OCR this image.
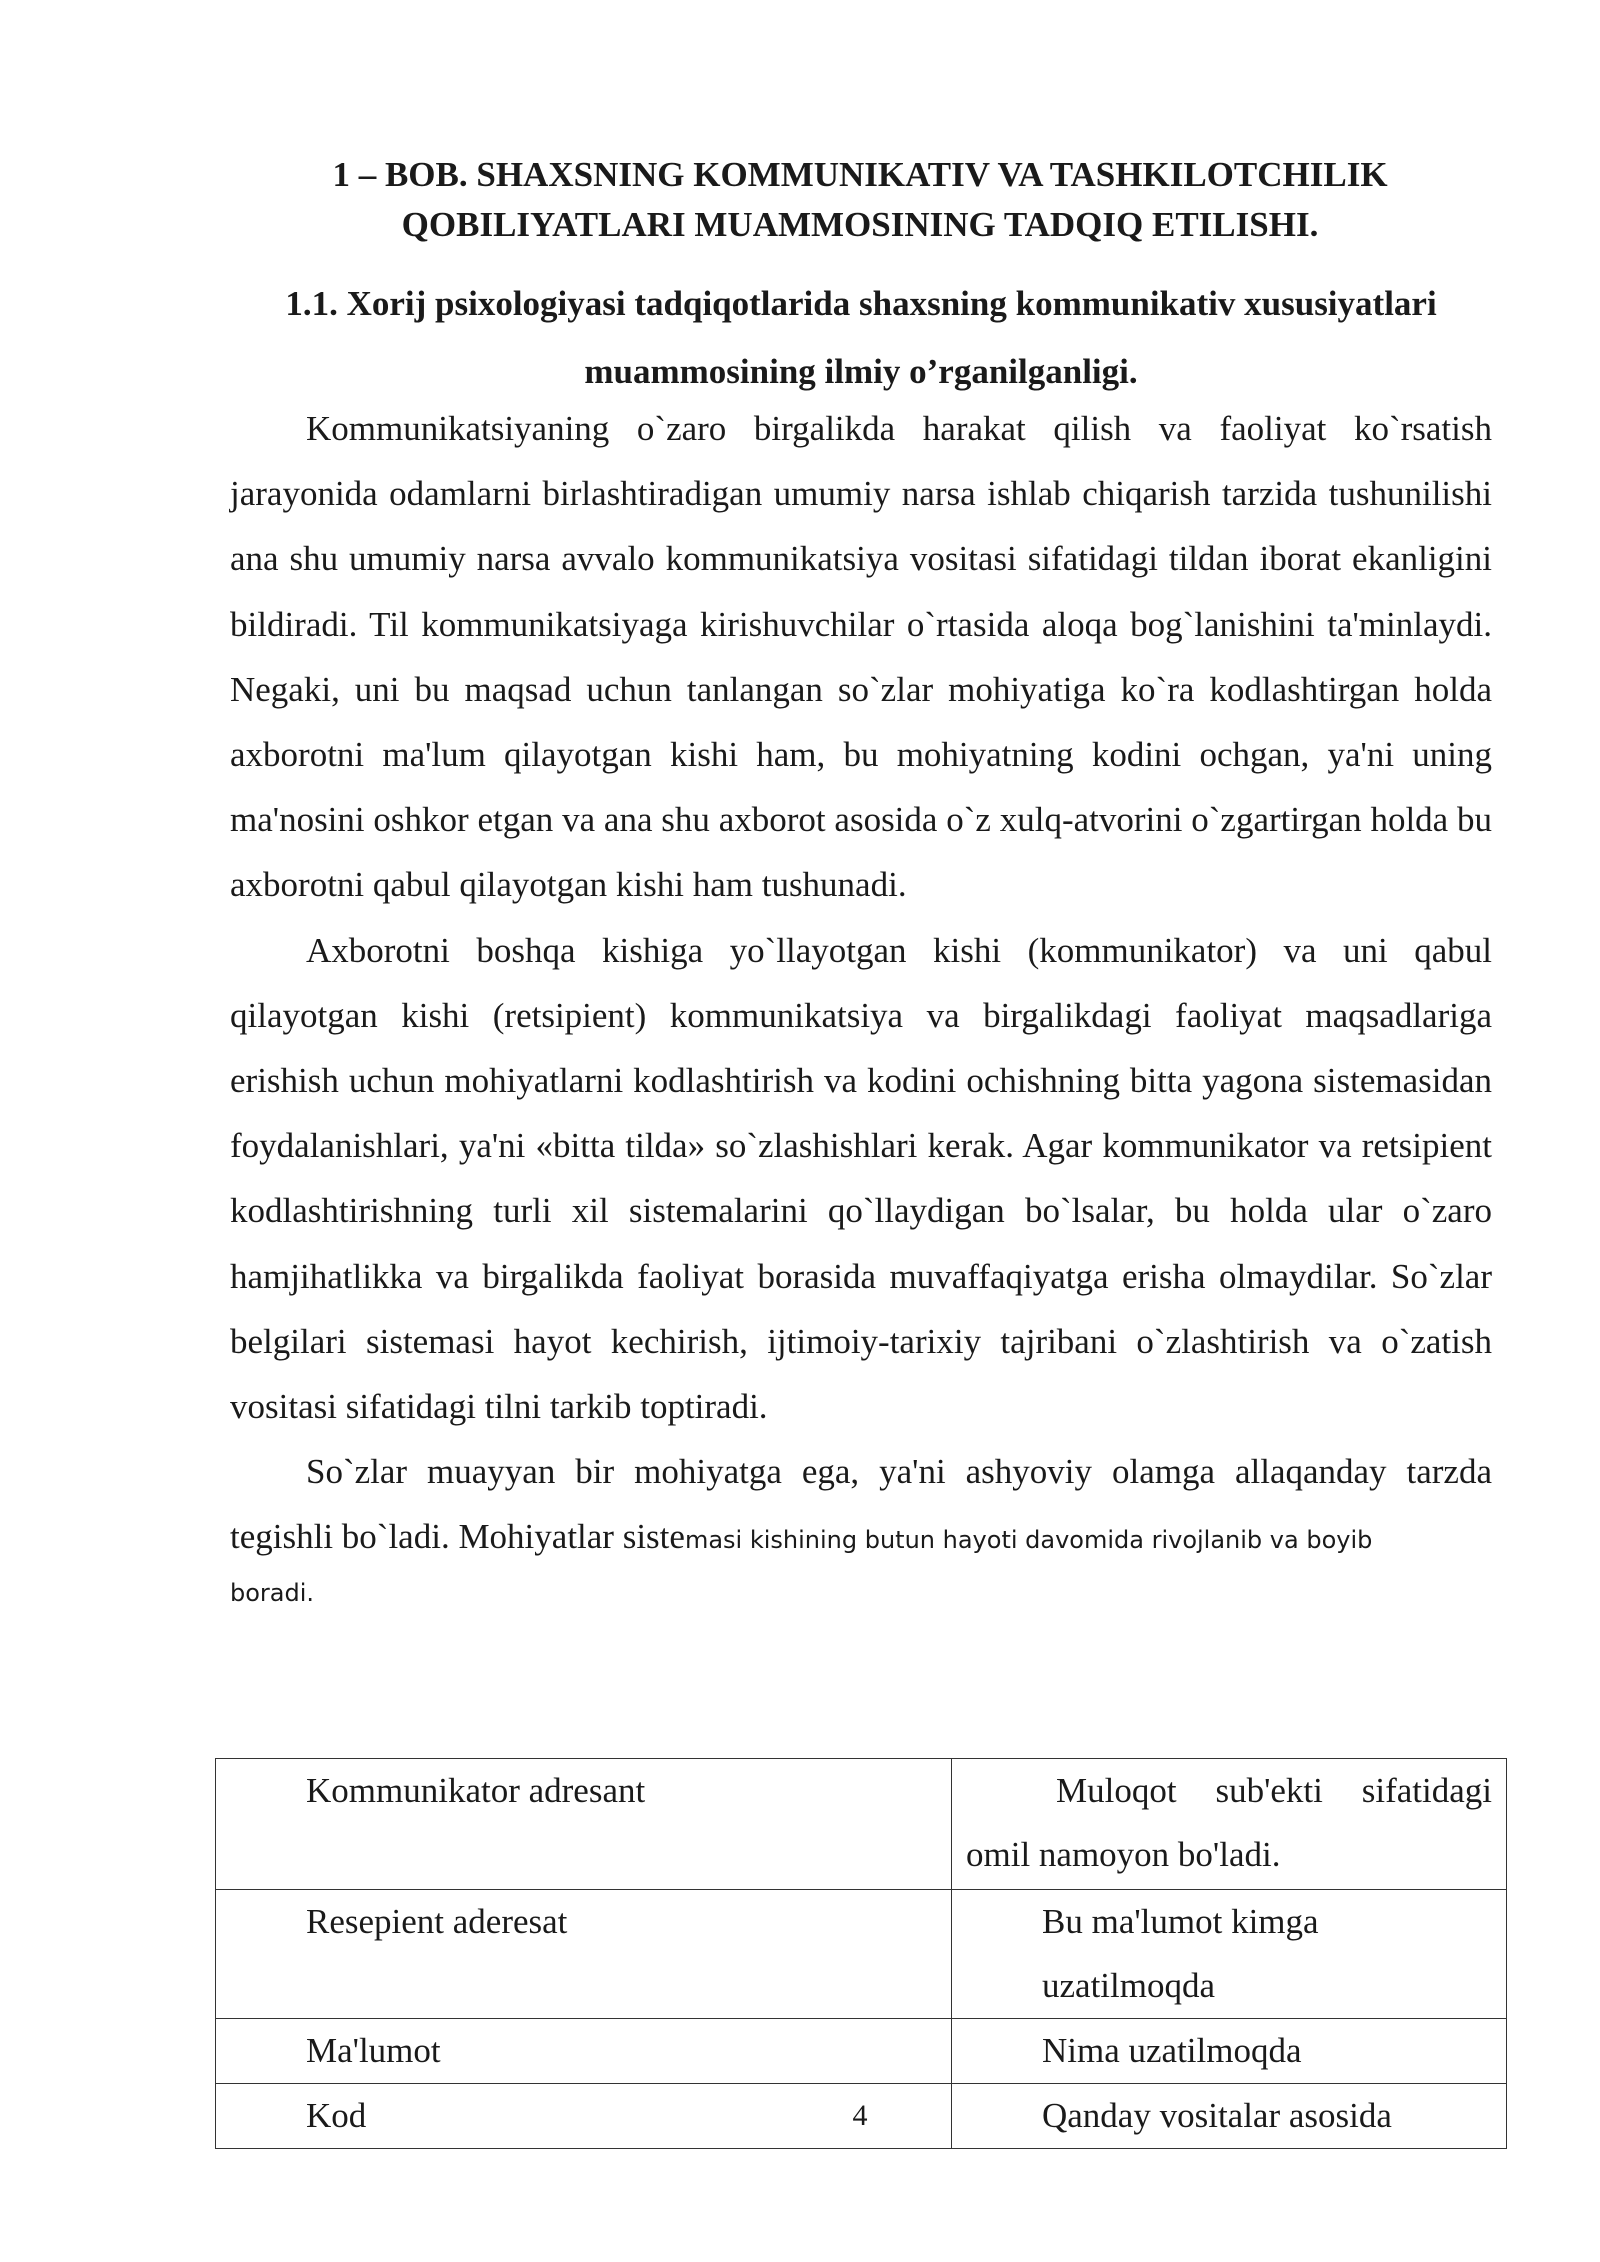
1 – BOB. SHAXSNING KOMMUNIKATIV VA TASHKILOTCHILIK
QOBILIYATLARI MUAMMOSINING TADQIQ ETILISHI.
1.1. Xorij psixologiyasi tadqiqotlarida shaxsning kommunikativ xususiyatlari
muammosining ilmiy o’rganilganligi.

Kommunikatsiyaning o`zaro birgalikda harakat qilish va faoliyat ko`rsatish jarayonida odamlarni birlashtiradigan umumiy narsa ishlab chiqarish tarzida tushunilishi ana shu umumiy narsa avvalo kommunikatsiya vositasi sifatidagi tildan iborat ekanligini bildiradi. Til kommunikatsiyaga kirishuvchilar o`rtasida aloqa bog`lanishini ta'minlaydi. Negaki, uni bu maqsad uchun tanlangan so`zlar mohiyatiga ko`ra kodlashtirgan holda axborotni ma'lum qilayotgan kishi ham, bu mohiyatning kodini ochgan, ya'ni uning ma'nosini oshkor etgan va ana shu axborot asosida o`z xulq-atvorini o`zgartirgan holda bu axborotni qabul qilayotgan kishi ham tushunadi.

Axborotni boshqa kishiga yo`llayotgan kishi (kommunikator) va uni qabul qilayotgan kishi (retsipient) kommunikatsiya va birgalikdagi faoliyat maqsadlariga erishish uchun mohiyatlarni kodlashtirish va kodini ochishning bitta yagona sistemasidan foydalanishlari, ya'ni «bitta tilda» so`zlashishlari kerak. Agar kommunikator va retsipient kodlashtirishning turli xil sistemalarini qo`llaydigan bo`lsalar, bu holda ular o`zaro hamjihatlikka va birgalikda faoliyat borasida muvaffaqiyatga erisha olmaydilar. So`zlar belgilari sistemasi hayot kechirish, ijtimoiy-tarixiy tajribani o`zlashtirish va o`zatish vositasi sifatidagi tilni tarkib toptiradi.

So`zlar muayyan bir mohiyatga ega, ya'ni ashyoviy olamga allaqanday tarzda tegishli bo`ladi. Mohiyatlar sistemasi kishining butun hayoti davomida rivojlanib va boyib
boradi.

Kommunikator adresant	Muloqot sub'ekti sifatidagi omil namoyon bo'ladi.
Resepient aderesat	Bu ma'lumot kimga uzatilmoqda
Ma'lumot	Nima uzatilmoqda
Kod	Qanday vositalar asosida
4
